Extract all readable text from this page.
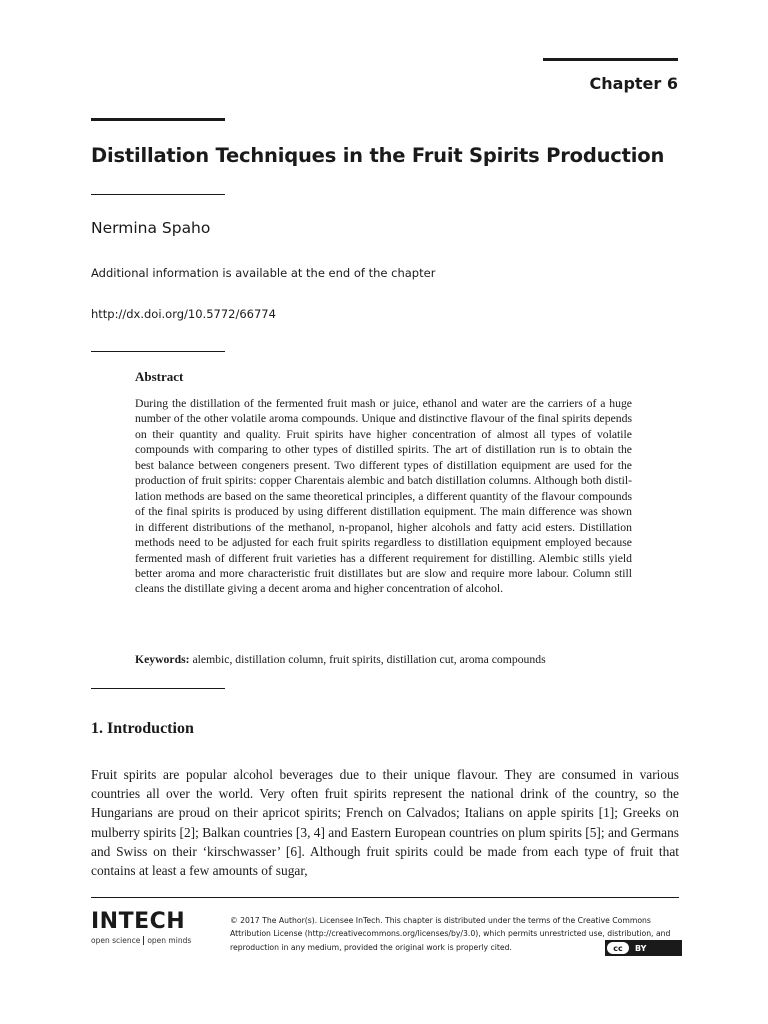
Chapter 6
Distillation Techniques in the Fruit Spirits Production
Nermina Spaho
Additional information is available at the end of the chapter
http://dx.doi.org/10.5772/66774
Abstract

During the distillation of the fermented fruit mash or juice, ethanol and water are the carriers of a huge number of the other volatile aroma compounds. Unique and distinctive flavour of the final spirits depends on their quantity and quality. Fruit spirits have higher concentration of almost all types of volatile compounds with comparing to other types of distilled spirits. The art of distillation run is to obtain the best balance between congeners present. Two different types of distillation equipment are used for the production of fruit spirits: copper Charentais alembic and batch distillation columns. Although both distillation methods are based on the same theoretical principles, a different quantity of the flavour compounds of the final spirits is produced by using different distillation equipment. The main difference was shown in different distributions of the methanol, n-propanol, higher alcohols and fatty acid esters. Distillation methods need to be adjusted for each fruit spirits regardless to distillation equipment employed because fermented mash of different fruit varieties has a different requirement for distilling. Alembic stills yield better aroma and more characteristic fruit distillates but are slow and require more labour. Column still cleans the distillate giving a decent aroma and higher concentration of alcohol.

Keywords: alembic, distillation column, fruit spirits, distillation cut, aroma compounds
1. Introduction

Fruit spirits are popular alcohol beverages due to their unique flavour. They are consumed in various countries all over the world. Very often fruit spirits represent the national drink of the country, so the Hungarians are proud on their apricot spirits; French on Calvados; Italians on apple spirits [1]; Greeks on mulberry spirits [2]; Balkan countries [3, 4] and Eastern European countries on plum spirits [5]; and Germans and Swiss on their ‘kirschwasser’ [6]. Although fruit spirits could be made from each type of fruit that contains at least a few amounts of sugar,

INTECH
open science open minds
© 2017 The Author(s). Licensee InTech. This chapter is distributed under the terms of the Creative Commons Attribution License (http://creativecommons.org/licenses/by/3.0), which permits unrestricted use, distribution, and reproduction in any medium, provided the original work is properly cited.	cc	BY
